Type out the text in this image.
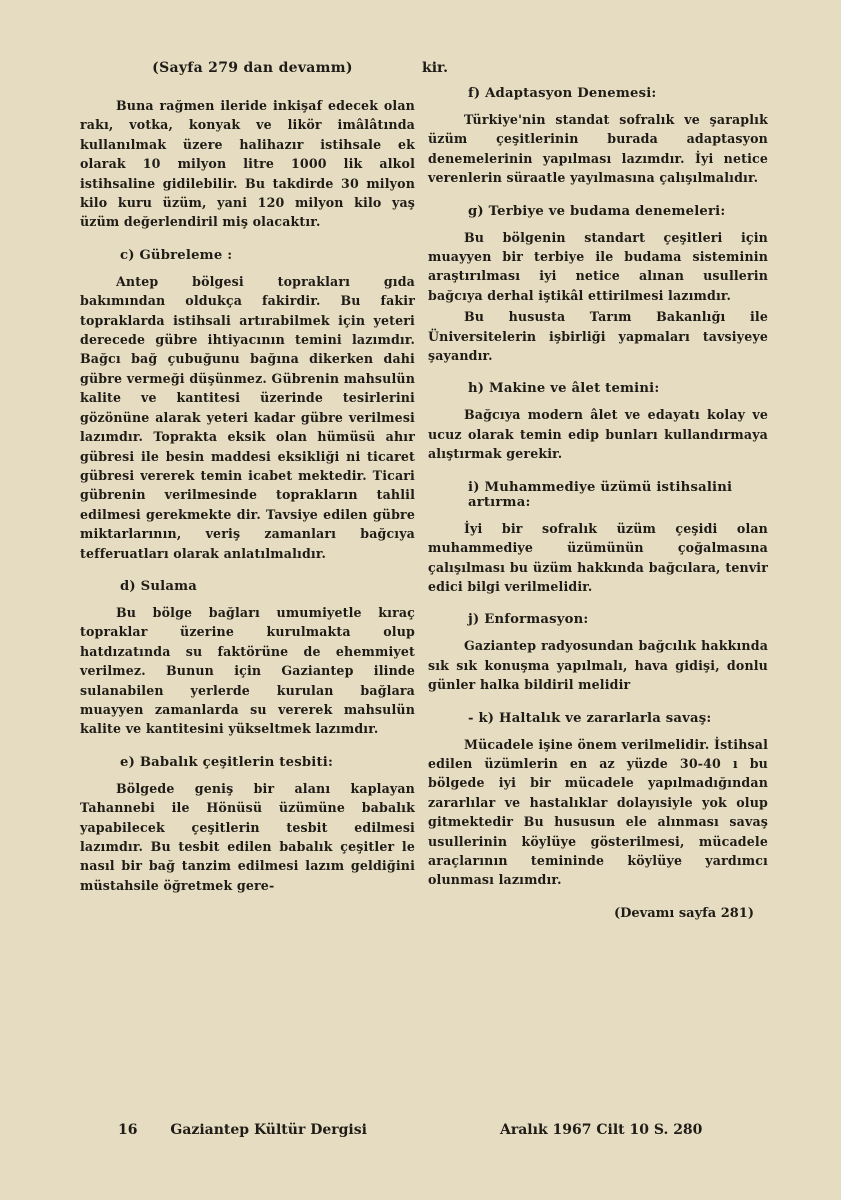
(Sayfa 279 dan devamm)

Buna rağmen ileride inkişaf edecek olan rakı, votka, konyak ve likör imâlâtında kullanılmak üzere halihazır istihsale ek olarak 10 milyon litre 1000 lik alkol istihsaline gidilebilir. Bu takdirde 30 milyon kilo kuru üzüm, yani 120 milyon kilo yaş üzüm değerlendiril miş olacaktır.

c) Gübreleme :

Antep bölgesi toprakları gıda bakımından oldukça fakirdir. Bu fakir topraklarda istihsali artırabilmek için yeteri derecede gübre ihtiyacının temini lazımdır. Bağcı bağ çubuğunu bağına dikerken dahi gübre vermeği düşünmez. Gübrenin mahsulün kalite ve kantitesi üzerinde tesirlerini gözönüne alarak yeteri kadar gübre verilmesi lazımdır. Toprakta eksik olan hümüsü ahır gübresi ile besin maddesi eksikliği ni ticaret gübresi vererek temin icabet mektedir. Ticari gübrenin verilmesinde toprakların tahlil edilmesi gerekmekte dir. Tavsiye edilen gübre miktarlarının, veriş zamanları bağcıya tefferuatları olarak anlatılmalıdır.

d) Sulama

Bu bölge bağları umumiyetle kıraç topraklar üzerine kurulmakta olup hatdızatında su faktörüne de ehemmiyet verilmez. Bunun için Gaziantep ilinde sulanabilen yerlerde kurulan bağlara muayyen zamanlarda su vererek mahsulün kalite ve kantitesini yükseltmek lazımdır.

e) Babalık çeşitlerin tesbiti:

Bölgede geniş bir alanı kaplayan Tahannebi ile Hönüsü üzümüne babalık yapabilecek çeşitlerin tesbit edilmesi lazımdır. Bu tesbit edilen babalık çeşitler le nasıl bir bağ tanzim edilmesi lazım geldiğini müstahsile öğretmek gere-

kir.
f) Adaptasyon Denemesi:

Türkiye'nin standat sofralık ve şaraplık üzüm çeşitlerinin burada adaptasyon denemelerinin yapılması lazımdır. İyi netice verenlerin süraatle yayılmasına çalışılmalıdır.

g) Terbiye ve budama denemeleri:

Bu bölgenin standart çeşitleri için muayyen bir terbiye ile budama sisteminin araştırılması iyi netice alınan usullerin bağcıya derhal iştikâl ettirilmesi lazımdır.

Bu hususta Tarım Bakanlığı ile Üniversitelerin işbirliği yapmaları tavsiyeye şayandır.

h) Makine ve âlet temini:

Bağcıya modern âlet ve edayatı kolay ve ucuz olarak temin edip bunları kullandırmaya alıştırmak gerekir.

i) Muhammediye üzümü istihsalini artırma:

İyi bir sofralık üzüm çeşidi olan muhammediye üzümünün çoğalmasına çalışılması bu üzüm hakkında bağcılara, tenvir edici bilgi verilmelidir.

j) Enformasyon:

Gaziantep radyosundan bağcılık hakkında sık sık konuşma yapılmalı, hava gidişi, donlu günler halka bildiril melidir

- k) Haltalık ve zararlarla savaş:

Mücadele işine önem verilmelidir. İstihsal edilen üzümlerin en az yüzde 30-40 ı bu bölgede iyi bir mücadele yapılmadığından zararlılar ve hastalıklar dolayısiyle yok olup gitmektedir Bu hususun ele alınması savaş usullerinin köylüye gösterilmesi, mücadele araçlarının temininde köylüye yardımcı olunması lazımdır.

(Devamı sayfa 281)
16 Gaziantep Kültür Dergisi	Aralık 1967 Cilt 10 S. 280
